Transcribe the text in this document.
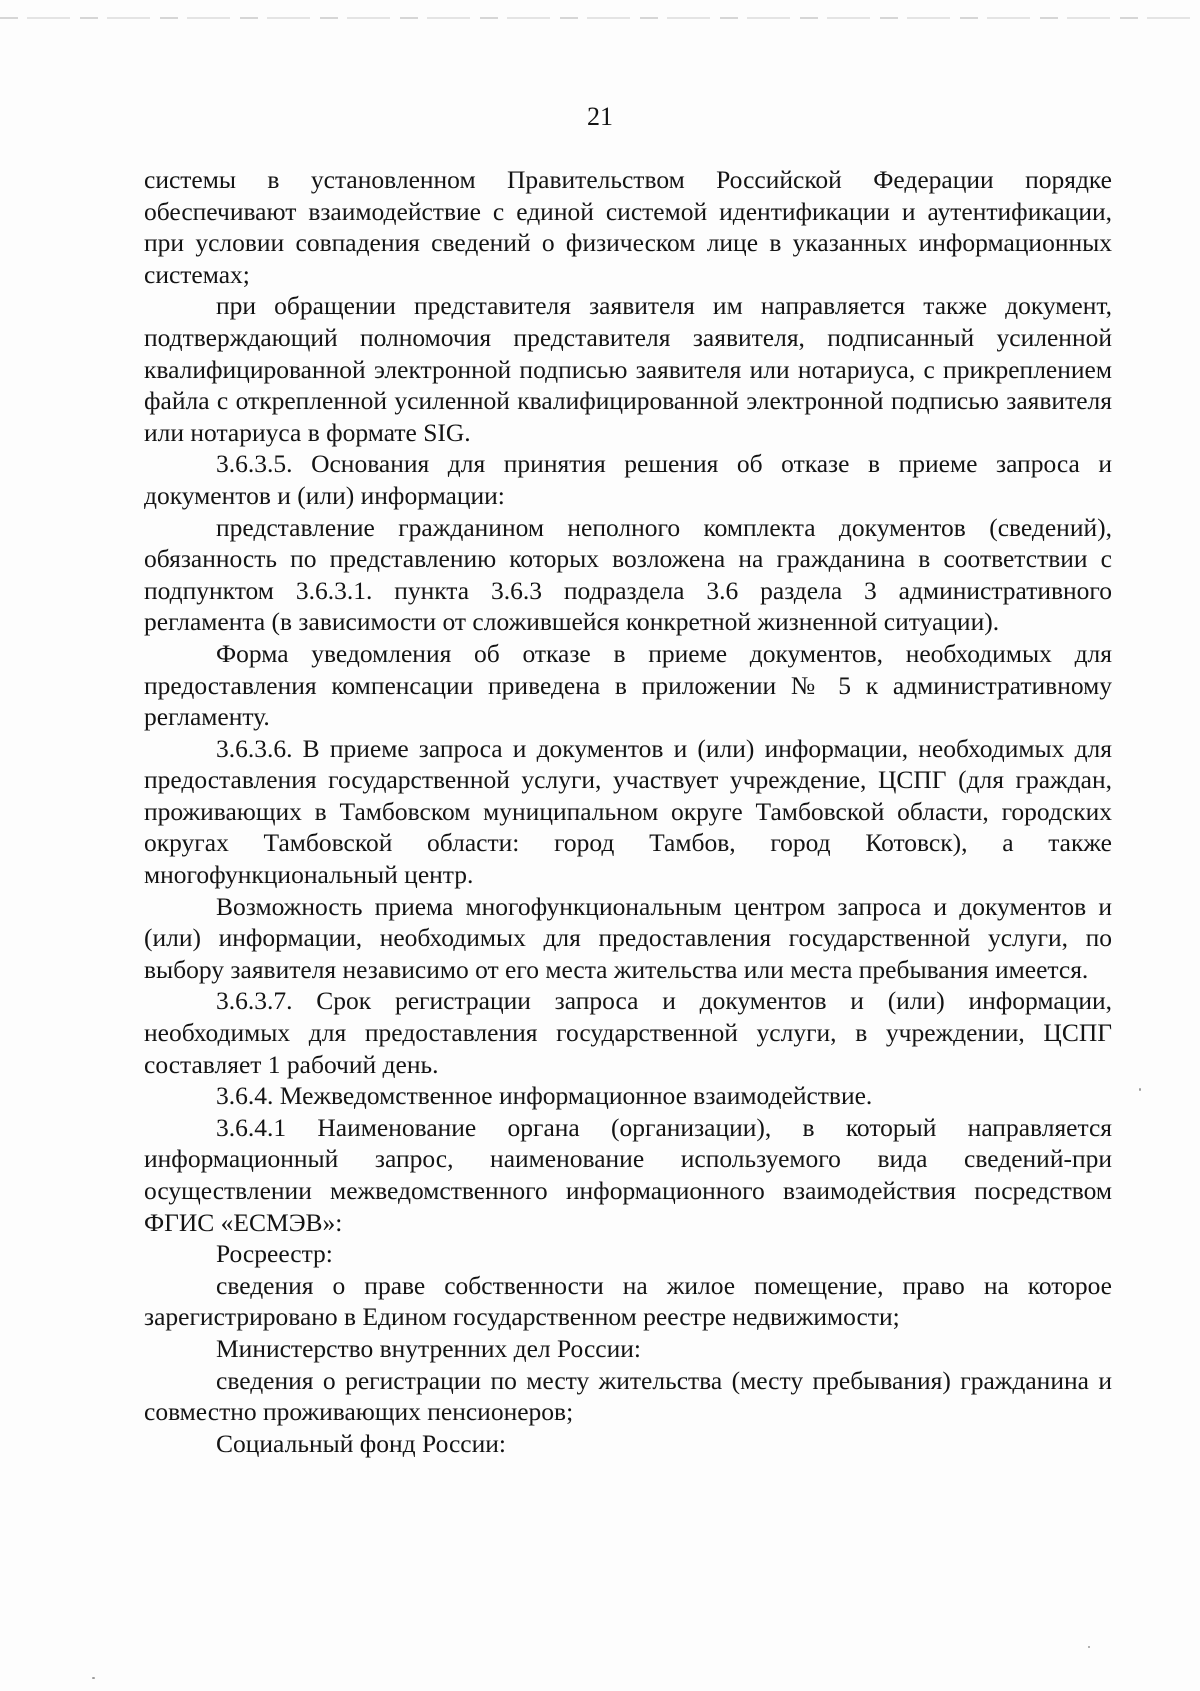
21

системы в установленном Правительством Российской Федерации порядке обеспечивают взаимодействие с единой системой идентификации и аутентификации, при условии совпадения сведений о физическом лице в указанных информационных системах;

при обращении представителя заявителя им направляется также документ, подтверждающий полномочия представителя заявителя, подписанный усиленной квалифицированной электронной подписью заявителя или нотариуса, с прикреплением файла с открепленной усиленной квалифицированной электронной подписью заявителя или нотариуса в формате SIG.

3.6.3.5. Основания для принятия решения об отказе в приеме запроса и документов и (или) информации:

представление гражданином неполного комплекта документов (сведений), обязанность по представлению которых возложена на гражданина в соответствии с подпунктом 3.6.3.1. пункта 3.6.3 подраздела 3.6 раздела 3 административного регламента (в зависимости от сложившейся конкретной жизненной ситуации).

Форма уведомления об отказе в приеме документов, необходимых для предоставления компенсации приведена в приложении № 5 к административному регламенту.

3.6.3.6. В приеме запроса и документов и (или) информации, необходимых для предоставления государственной услуги, участвует учреждение, ЦСПГ (для граждан, проживающих в Тамбовском муниципальном округе Тамбовской области, городских округах Тамбовской области: город Тамбов, город Котовск), а также многофункциональный центр.

Возможность приема многофункциональным центром запроса и документов и (или) информации, необходимых для предоставления государственной услуги, по выбору заявителя независимо от его места жительства или места пребывания имеется.

3.6.3.7. Срок регистрации запроса и документов и (или) информации, необходимых для предоставления государственной услуги, в учреждении, ЦСПГ составляет 1 рабочий день.

3.6.4. Межведомственное информационное взаимодействие.

3.6.4.1 Наименование органа (организации), в который направляется информационный запрос, наименование используемого вида сведений-при осуществлении межведомственного информационного взаимодействия посредством ФГИС «ЕСМЭВ»:

Росреестр:

сведения о праве собственности на жилое помещение, право на которое зарегистрировано в Едином государственном реестре недвижимости;

Министерство внутренних дел России:

сведения о регистрации по месту жительства (месту пребывания) гражданина и совместно проживающих пенсионеров;

Социальный фонд России:
